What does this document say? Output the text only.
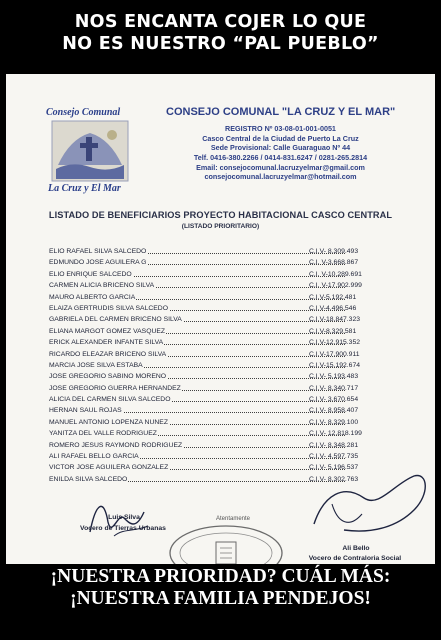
NOS ENCANTA COJER LO QUE
NO ES NUESTRO “PAL PUEBLO”
Consejo Comunal
La Cruz y El Mar
CONSEJO COMUNAL "LA CRUZ Y EL MAR"
REGISTRO Nº 03-08-01-001-0051
Casco Central de la Ciudad de Puerto La Cruz
Sede Provisional: Calle Guaraguao Nº 44
Telf. 0416-380.2266 / 0414-831.6247 / 0281-265.2814
Email: consejocomunal.lacruzyelmar@gmail.com
consejocomunal.lacruzyelmar@hotmail.com
LISTADO DE BENEFICIARIOS PROYECTO HABITACIONAL CASCO CENTRAL
(LISTADO PRIORITARIO)
ELIO RAFAEL SILVA SALCEDO	C.I.V- 8.309.493
EDMUNDO JOSE AGUILERA G	C.I. V-3.668.867
ELIO ENRIQUE SALCEDO	C.I. V-10.289.691
CARMEN ALICIA BRICEÑO SILVA	C.I. V-17.902.999
MAURO ALBERTO GARCIA	C.I.V-5.192.481
ELAIZA GERTRUDIS SILVA SALCEDO	C.I.V-4.496.546
GABRIELA DEL CARMEN BRICEÑO SILVA	C.I.V-18.847.323
ELIANA MARGOT GOMEZ VASQUEZ	C.I.V-8.329.581
ERICK ALEXANDER INFANTE SILVA	C.I.V-12.915.352
RICARDO ELEAZAR BRICEÑO SILVA	C.I.V-17.900.911
MARCIA JOSE SILVA ESTABA	C.I.V-15.192.674
JOSE GREGORIO SABINO MORENO	C.I.V- 5.193.483
JOSE GREGORIO GUERRA HERNANDEZ	C.I.V- 8.340.717
ALICIA DEL CARMEN SILVA SALCEDO	C.I.V- 3.670.654
HERNAN SAUL ROJAS	C.I.V- 8.958.407
MANUEL ANTONIO LOPENZA NUÑEZ	C.I.V- 8.329.100
YANITZA DEL VALLE RODRIGUEZ	C.I.V- 12.818.199
ROMERO JESUS RAYMOND RODRIGUEZ	C.I.V- 8.348.281
ALI RAFAEL BELLO GARCIA	C.I.V- 4.597.735
VICTOR JOSE AGUILERA GONZALEZ	C.I.V- 5.196.537
ENILDA SILVA SALCEDO	C.I.V- 8.302.763
Atentamente
Luis Silva
Vocero de Tierras Urbanas
Ali Bello
Vocero de Contraloria Social
¡NUESTRA PRIORIDAD? CUÁL MÁS:
¡NUESTRA FAMILIA PENDEJOS!
